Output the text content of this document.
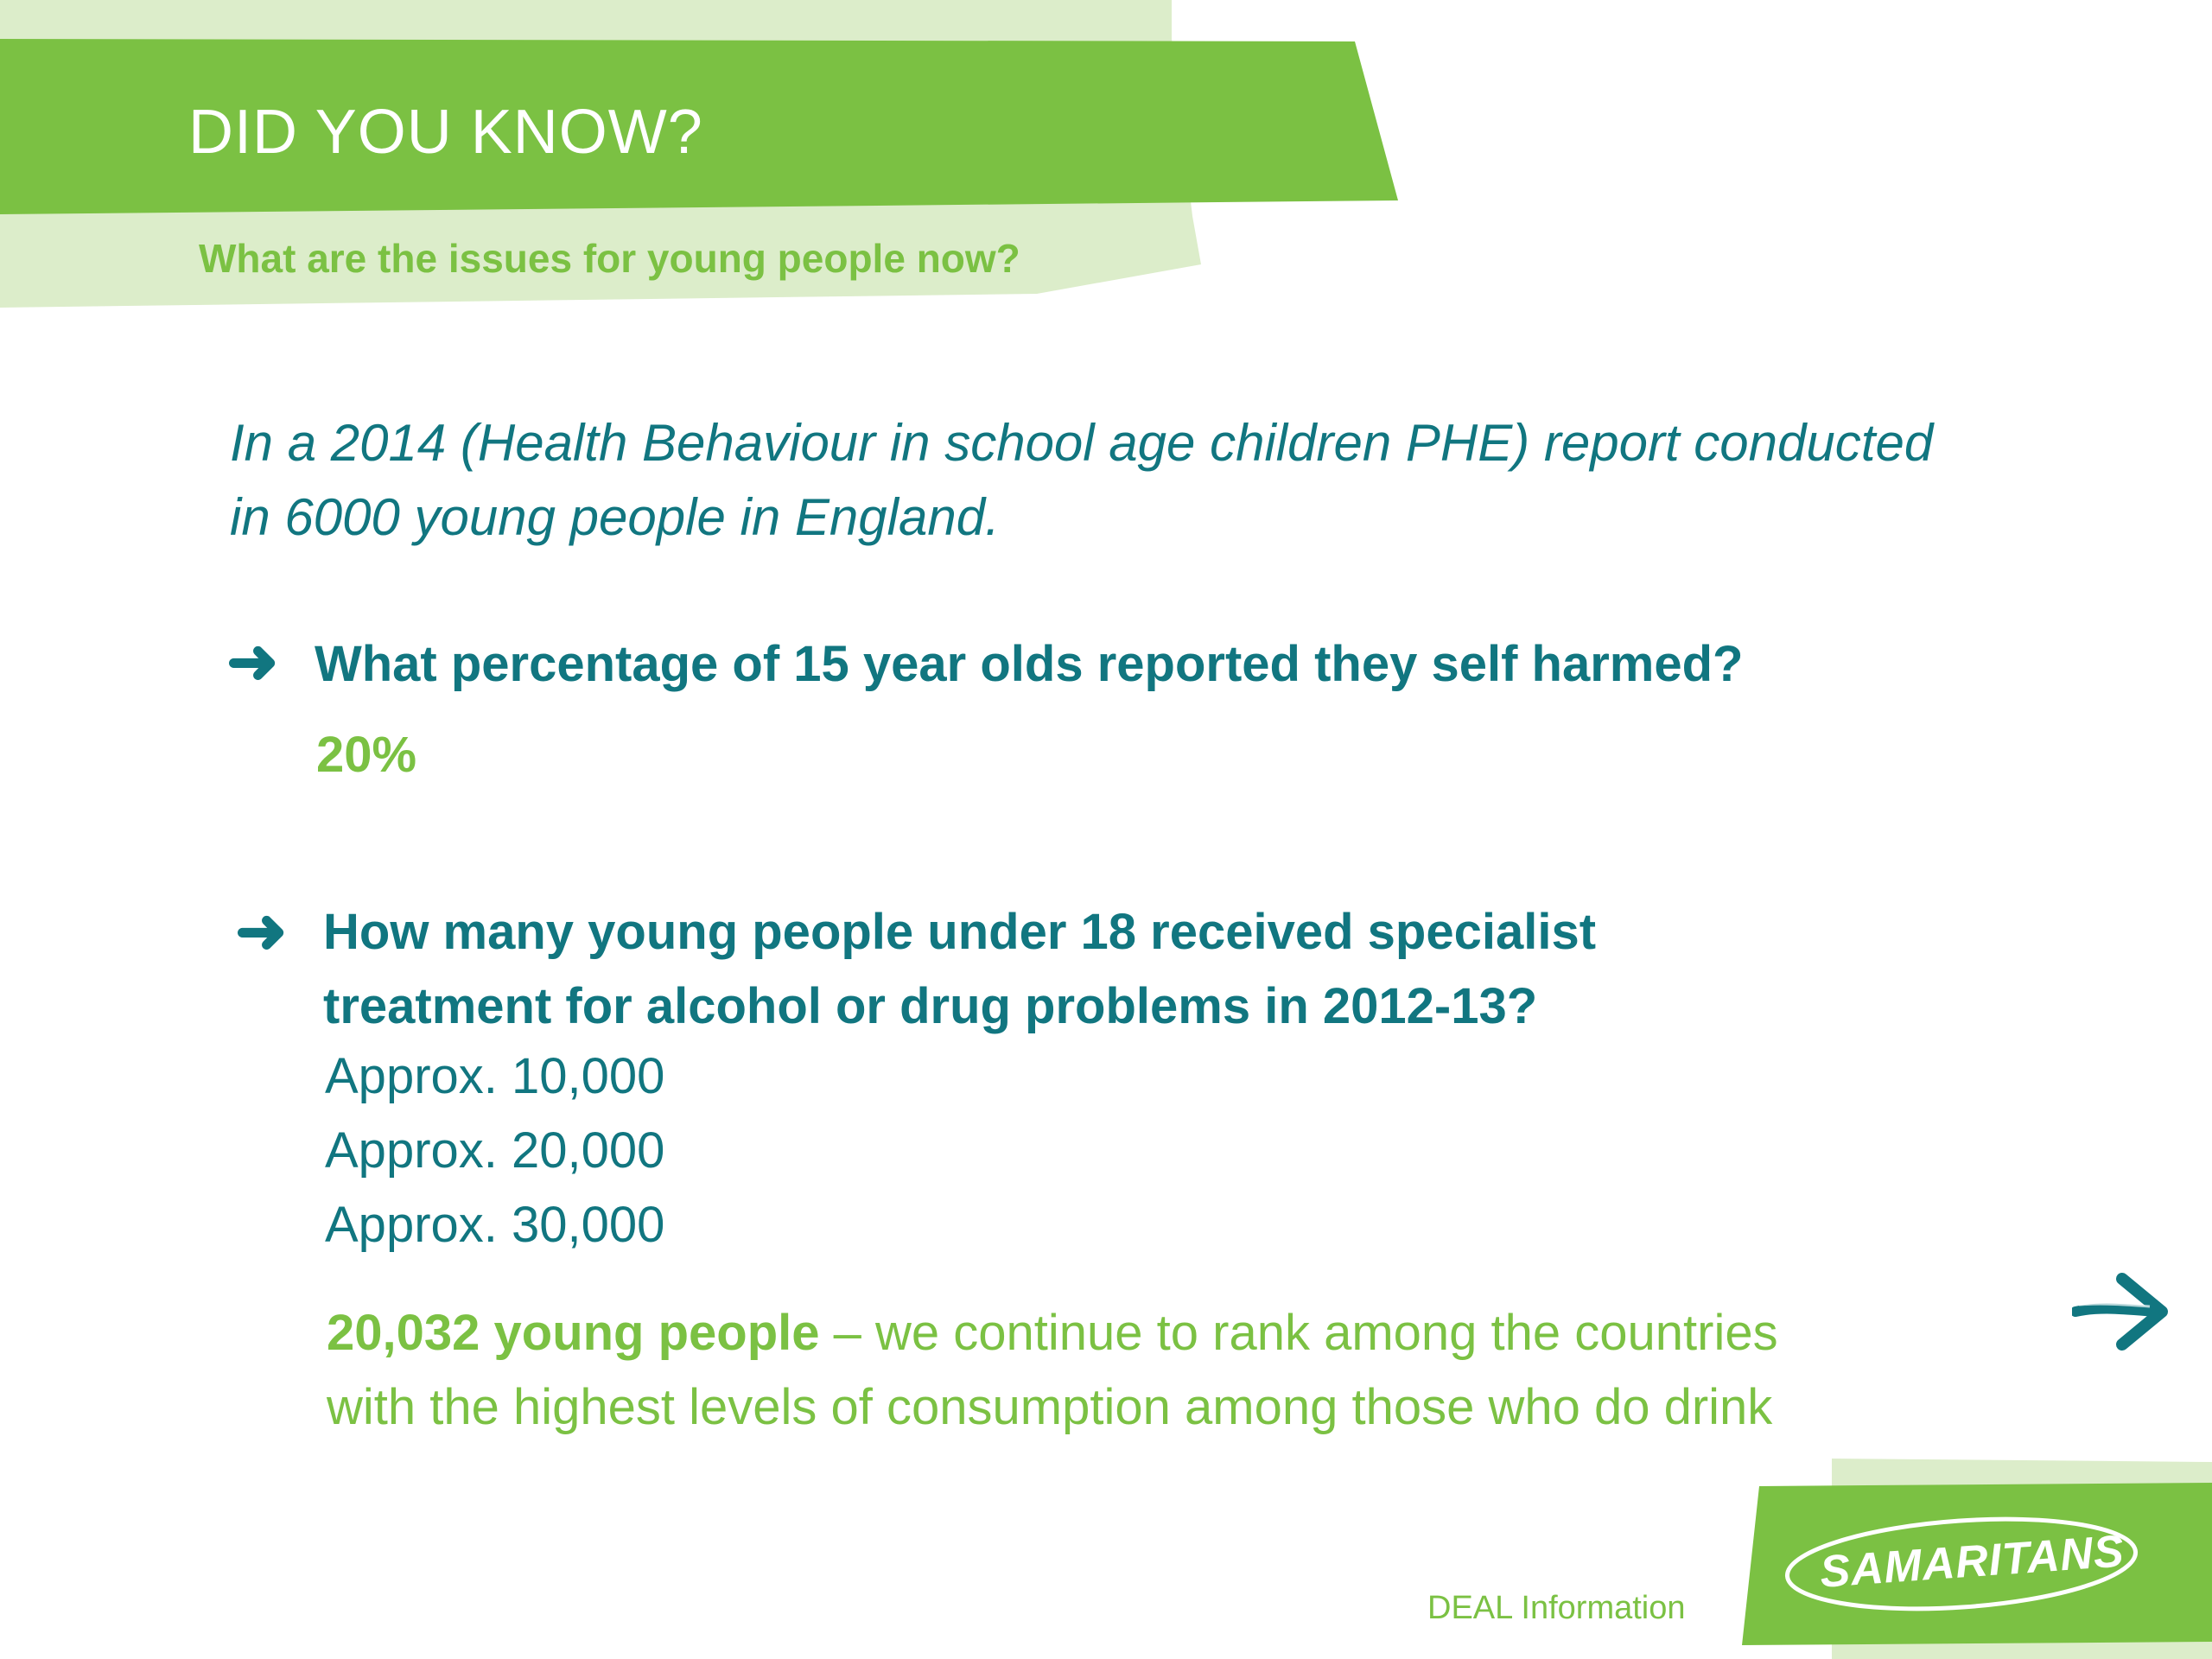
DID YOU KNOW?
What are the issues for young people now?
In a 2014 (Health Behaviour in school age children PHE) report conducted in 6000 young people in England.
➜ What percentage of 15 year olds reported they self harmed?
20%
➜ How many young people under 18 received specialist treatment for alcohol or drug problems in 2012-13?
Approx. 10,000
Approx. 20,000
Approx. 30,000
20,032 young people – we continue to rank among the countries with the highest levels of consumption among those who do drink
DEAL Information
SAMARITANS
